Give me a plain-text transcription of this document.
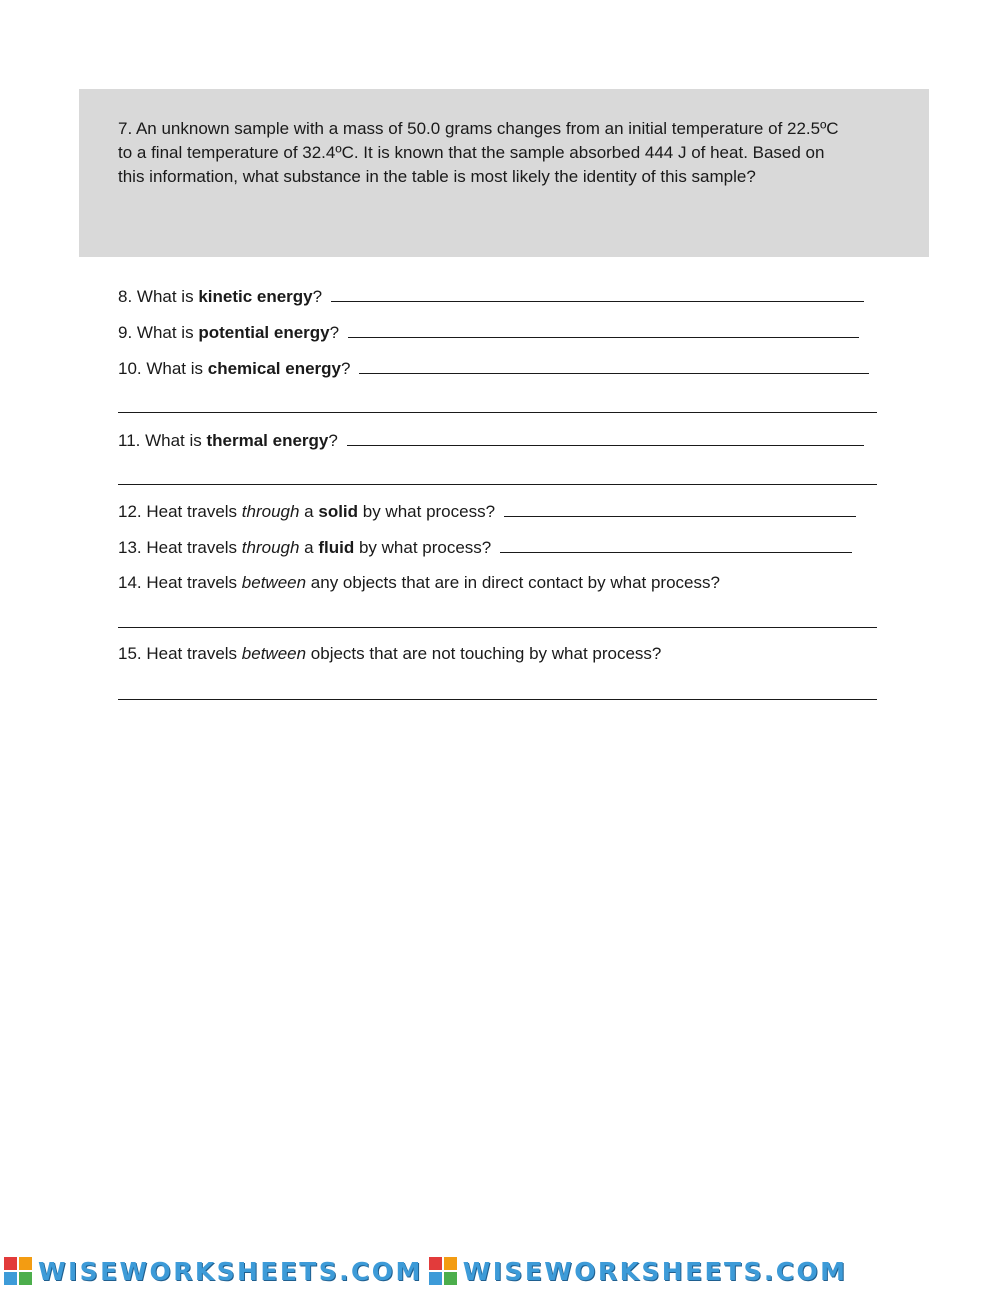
7. An unknown sample with a mass of 50.0 grams changes from an initial temperature of 22.5ºC
to a final temperature of 32.4ºC. It is known that the sample absorbed 444 J of heat. Based on
this information, what substance in the table is most likely the identity of this sample?

8. What is kinetic energy?
9. What is potential energy?
10. What is chemical energy?
11. What is thermal energy?
12. Heat travels through a solid by what process?
13. Heat travels through a fluid by what process?
14. Heat travels between any objects that are in direct contact by what process?
15. Heat travels between objects that are not touching by what process?
WISEWORKSHEETS.COM WISEWORKSHEETS.COM
